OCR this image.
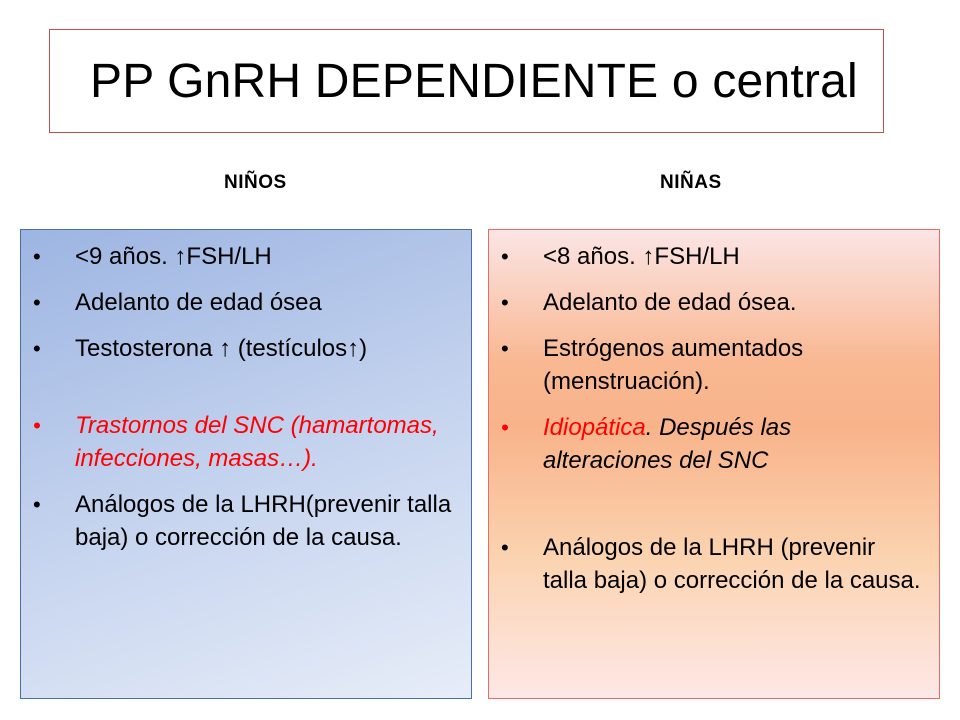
PP GnRH DEPENDIENTE o central
NIÑOS	NIÑAS
• <9 años. ↑FSH/LH
• Adelanto de edad ósea
• Testosterona ↑ (testículos↑)
• Trastornos del SNC (hamartomas, infecciones, masas…).
• Análogos de la LHRH(prevenir talla baja) o corrección de la causa.
• <8 años. ↑FSH/LH
• Adelanto de edad ósea.
• Estrógenos aumentados (menstruación).
• Idiopática. Después las alteraciones del SNC
• Análogos de la LHRH (prevenir talla baja) o corrección de la causa.
